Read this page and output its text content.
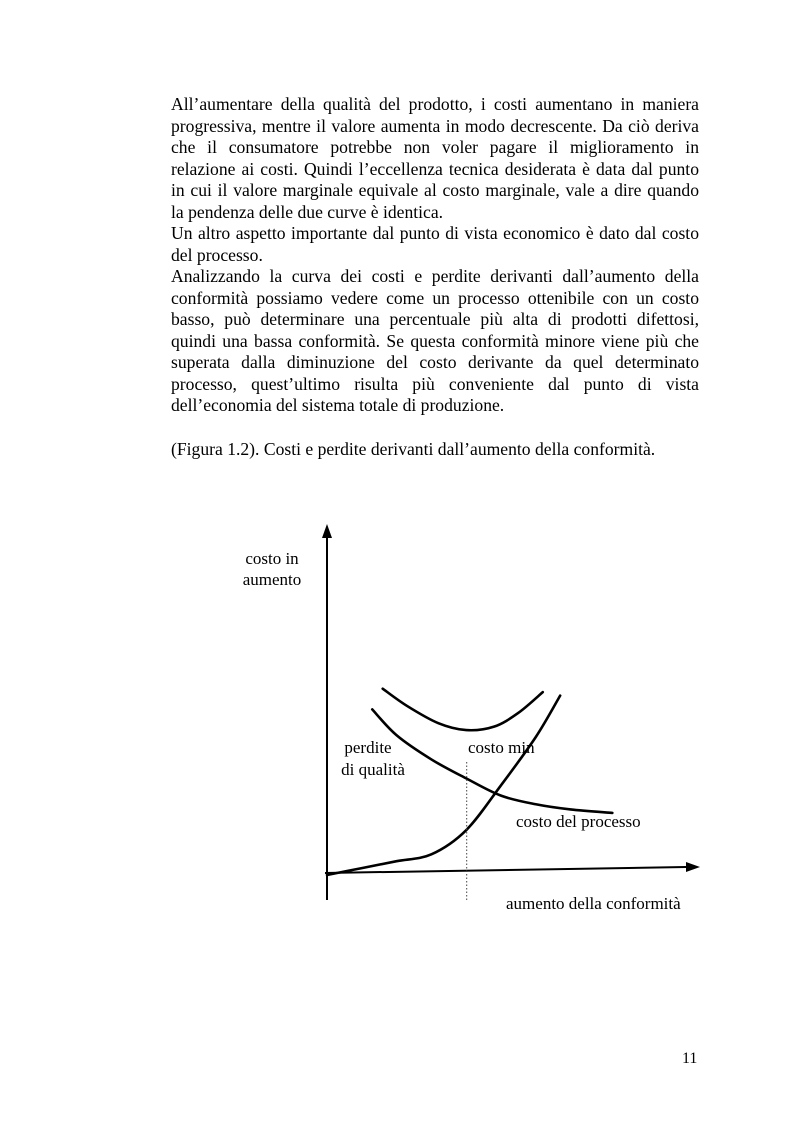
All’aumentare della qualità del prodotto, i costi aumentano in maniera progressiva, mentre il valore aumenta in modo decrescente. Da ciò deriva che il consumatore potrebbe non voler pagare il miglioramento in relazione ai costi. Quindi l’eccellenza tecnica desiderata è data dal punto in cui il valore marginale equivale al costo marginale, vale a dire quando la pendenza delle due curve è identica.

Un altro aspetto importante dal punto di vista economico è dato dal costo del processo.

Analizzando la curva dei costi e perdite derivanti dall’aumento della conformità possiamo vedere come un processo ottenibile con un costo basso, può determinare una percentuale più alta di prodotti difettosi, quindi una bassa conformità. Se questa conformità minore viene più che superata dalla diminuzione del costo derivante da quel determinato processo, quest’ultimo risulta più conveniente dal punto di vista dell’economia del sistema totale di produzione.

(Figura 1.2). Costi e perdite derivanti dall’aumento della conformità.
costo in
aumento
perdite
di qualità
costo min
costo del processo
aumento della conformità
11
